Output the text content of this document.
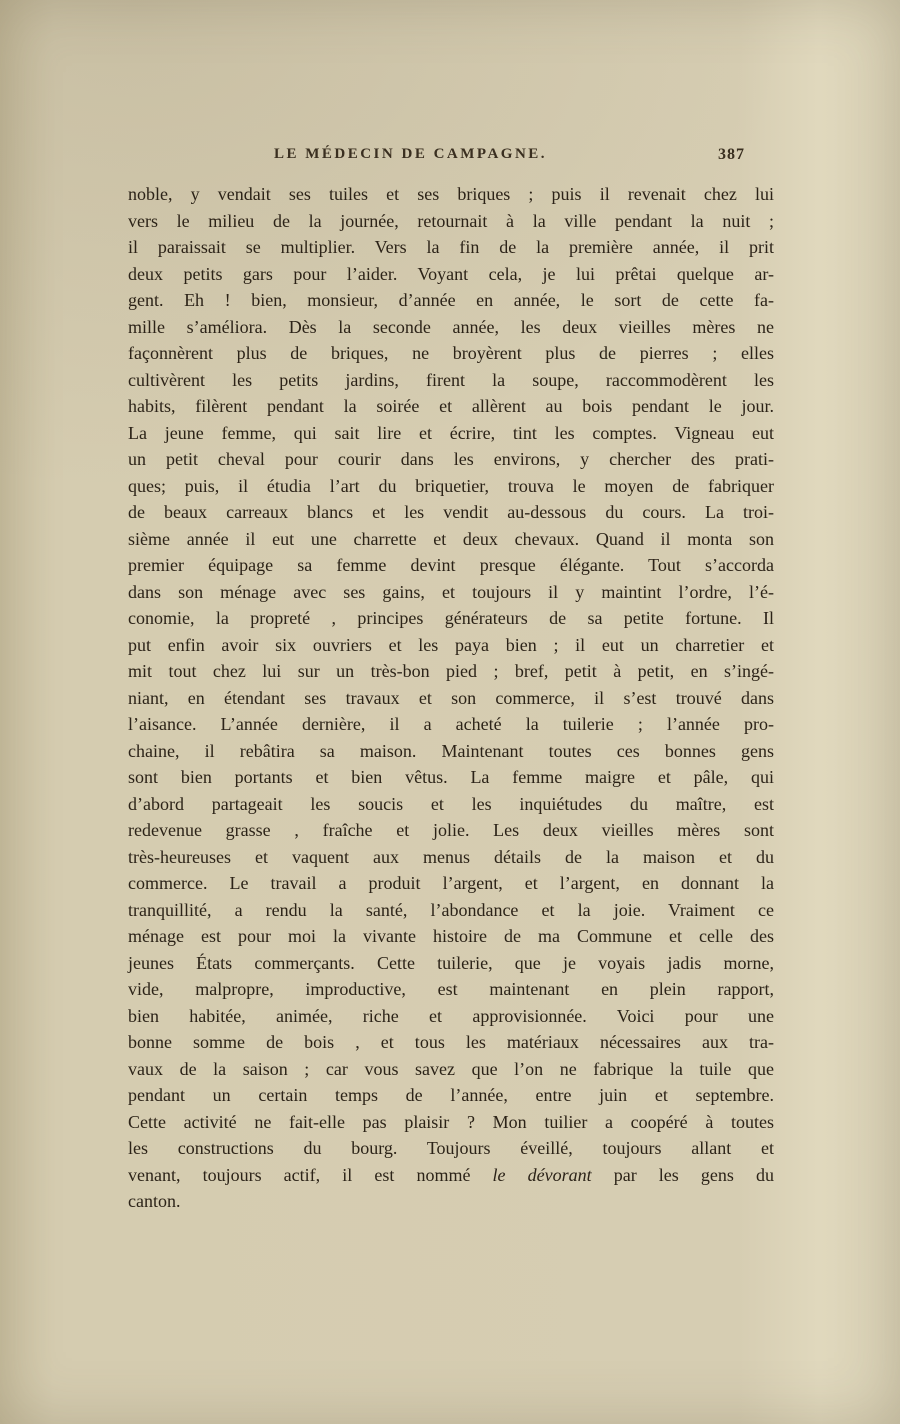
LE MÉDECIN DE CAMPAGNE.	387
noble, y vendait ses tuiles et ses briques ; puis il revenait chez lui
vers le milieu de la journée, retournait à la ville pendant la nuit ;
il paraissait se multiplier. Vers la fin de la première année, il prit
deux petits gars pour l’aider. Voyant cela, je lui prêtai quelque ar-
gent. Eh ! bien, monsieur, d’année en année, le sort de cette fa-
mille s’améliora. Dès la seconde année, les deux vieilles mères ne
façonnèrent plus de briques, ne broyèrent plus de pierres ; elles
cultivèrent les petits jardins, firent la soupe, raccommodèrent les
habits, filèrent pendant la soirée et allèrent au bois pendant le jour.
La jeune femme, qui sait lire et écrire, tint les comptes. Vigneau eut
un petit cheval pour courir dans les environs, y chercher des prati-
ques; puis, il étudia l’art du briquetier, trouva le moyen de fabriquer
de beaux carreaux blancs et les vendit au-dessous du cours. La troi-
sième année il eut une charrette et deux chevaux. Quand il monta son
premier équipage sa femme devint presque élégante. Tout s’accorda
dans son ménage avec ses gains, et toujours il y maintint l’ordre, l’é-
conomie, la propreté , principes générateurs de sa petite fortune. Il
put enfin avoir six ouvriers et les paya bien ; il eut un charretier et
mit tout chez lui sur un très-bon pied ; bref, petit à petit, en s’ingé-
niant, en étendant ses travaux et son commerce, il s’est trouvé dans
l’aisance. L’année dernière, il a acheté la tuilerie ; l’année pro-
chaine, il rebâtira sa maison. Maintenant toutes ces bonnes gens
sont bien portants et bien vêtus. La femme maigre et pâle, qui
d’abord partageait les soucis et les inquiétudes du maître, est
redevenue grasse , fraîche et jolie. Les deux vieilles mères sont
très-heureuses et vaquent aux menus détails de la maison et du
commerce. Le travail a produit l’argent, et l’argent, en donnant la
tranquillité, a rendu la santé, l’abondance et la joie. Vraiment ce
ménage est pour moi la vivante histoire de ma Commune et celle des
jeunes États commerçants. Cette tuilerie, que je voyais jadis morne,
vide, malpropre, improductive, est maintenant en plein rapport,
bien habitée, animée, riche et approvisionnée. Voici pour une
bonne somme de bois , et tous les matériaux nécessaires aux tra-
vaux de la saison ; car vous savez que l’on ne fabrique la tuile que
pendant un certain temps de l’année, entre juin et septembre.
Cette activité ne fait-elle pas plaisir ? Mon tuilier a coopéré à toutes
les constructions du bourg. Toujours éveillé, toujours allant et
venant, toujours actif, il est nommé le dévorant par les gens du
canton.
